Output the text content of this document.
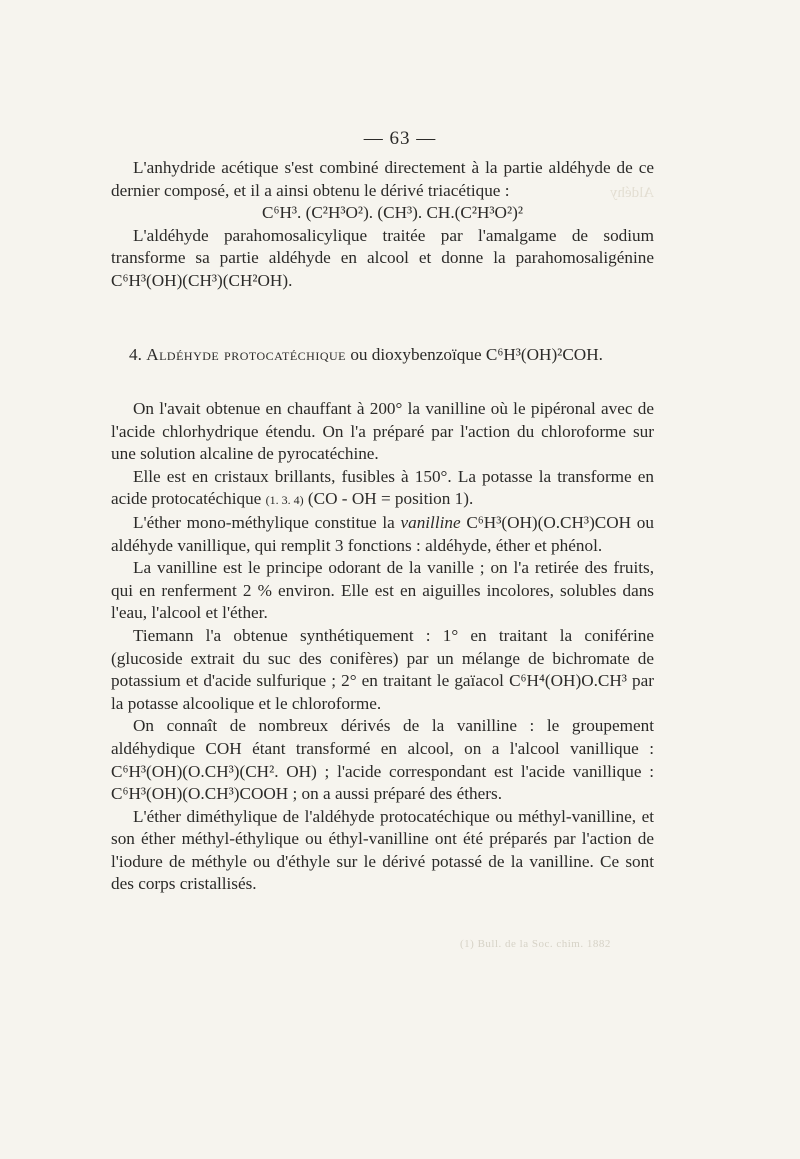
Aldéhy
— 63 —

L'anhydride acétique s'est combiné directement à la partie aldéhyde de ce dernier composé, et il a ainsi obtenu le dérivé triacétique :

C⁶H³. (C²H³O²). (CH³). CH.(C²H³O²)²

L'aldéhyde parahomosalicylique traitée par l'amalgame de sodium transforme sa partie aldéhyde en alcool et donne la parahomosaligénine C⁶H³(OH)(CH³)(CH²OH).

4. Aldéhyde protocatéchique ou dioxybenzoïque C⁶H³(OH)²COH.

On l'avait obtenue en chauffant à 200° la vanilline où le pipéronal avec de l'acide chlorhydrique étendu. On l'a préparé par l'action du chloroforme sur une solution alcaline de pyrocatéchine.

Elle est en cristaux brillants, fusibles à 150°. La potasse la transforme en acide protocatéchique (1. 3. 4) (CO - OH = position 1).

L'éther mono-méthylique constitue la vanilline C⁶H³(OH)(O.CH³)COH ou aldéhyde vanillique, qui remplit 3 fonctions : aldéhyde, éther et phénol.

La vanilline est le principe odorant de la vanille ; on l'a retirée des fruits, qui en renferment 2 % environ. Elle est en aiguilles incolores, solubles dans l'eau, l'alcool et l'éther.

Tiemann l'a obtenue synthétiquement : 1° en traitant la coniférine (glucoside extrait du suc des conifères) par un mélange de bichromate de potassium et d'acide sulfurique ; 2° en traitant le gaïacol C⁶H⁴(OH)O.CH³ par la potasse alcoolique et le chloroforme.

On connaît de nombreux dérivés de la vanilline : le groupement aldéhydique COH étant transformé en alcool, on a l'alcool vanillique : C⁶H³(OH)(O.CH³)(CH². OH) ; l'acide correspondant est l'acide vanillique : C⁶H³(OH)(O.CH³)COOH ; on a aussi préparé des éthers.

L'éther diméthylique de l'aldéhyde protocatéchique ou méthyl-vanilline, et son éther méthyl-éthylique ou éthyl-vanilline ont été préparés par l'action de l'iodure de méthyle ou d'éthyle sur le dérivé potassé de la vanilline. Ce sont des corps cristallisés.

(1) Bull. de la Soc. chim. 1882
